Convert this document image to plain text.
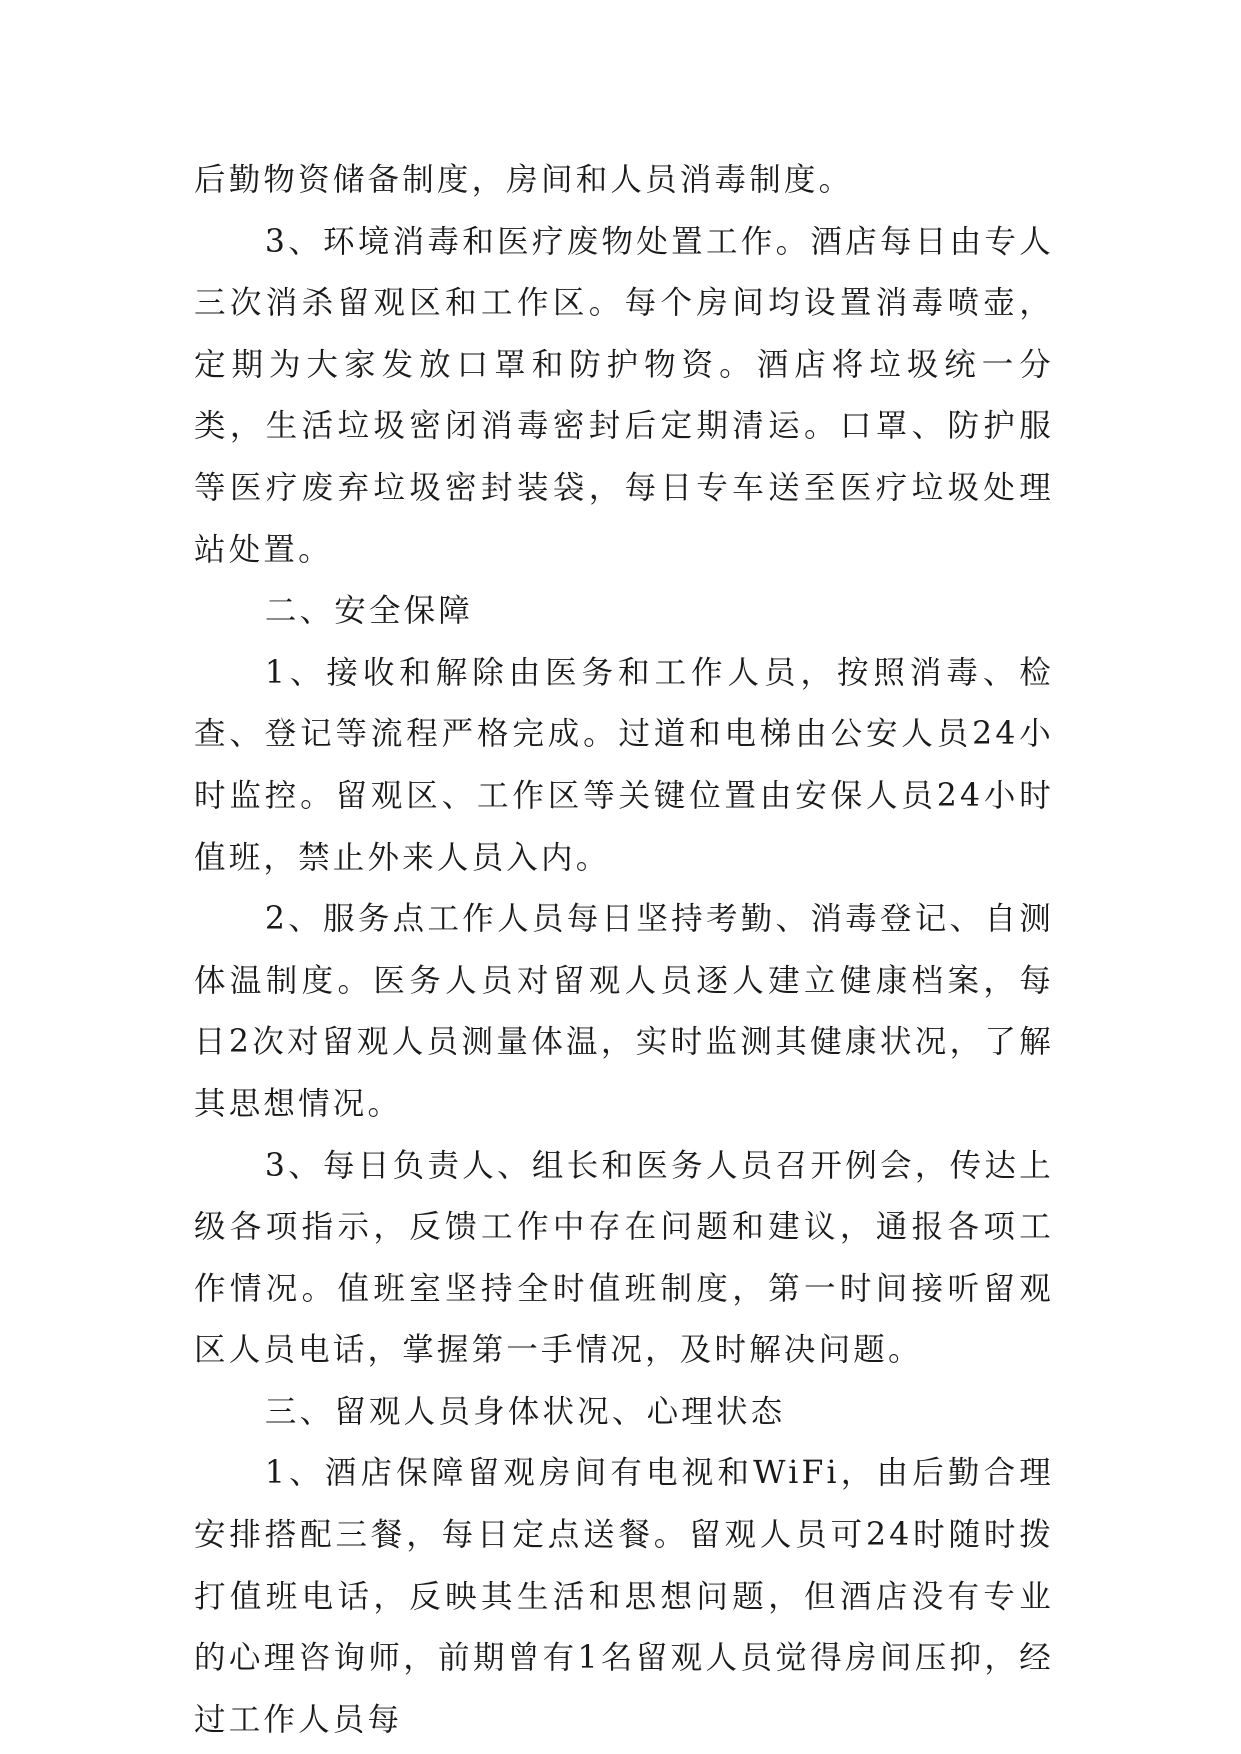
后勤物资储备制度，房间和人员消毒制度。

3、环境消毒和医疗废物处置工作。酒店每日由专人三次消杀留观区和工作区。每个房间均设置消毒喷壶，定期为大家发放口罩和防护物资。酒店将垃圾统一分类，生活垃圾密闭消毒密封后定期清运。口罩、防护服等医疗废弃垃圾密封装袋，每日专车送至医疗垃圾处理站处置。

二、安全保障

1、接收和解除由医务和工作人员，按照消毒、检查、登记等流程严格完成。过道和电梯由公安人员24小时监控。留观区、工作区等关键位置由安保人员24小时值班，禁止外来人员入内。

2、服务点工作人员每日坚持考勤、消毒登记、自测体温制度。医务人员对留观人员逐人建立健康档案，每日2次对留观人员测量体温，实时监测其健康状况，了解其思想情况。

3、每日负责人、组长和医务人员召开例会，传达上级各项指示，反馈工作中存在问题和建议，通报各项工作情况。值班室坚持全时值班制度，第一时间接听留观区人员电话，掌握第一手情况，及时解决问题。

三、留观人员身体状况、心理状态

1、酒店保障留观房间有电视和WiFi，由后勤合理安排搭配三餐，每日定点送餐。留观人员可24时随时拨打值班电话，反映其生活和思想问题，但酒店没有专业的心理咨询师，前期曾有1名留观人员觉得房间压抑，经过工作人员每
